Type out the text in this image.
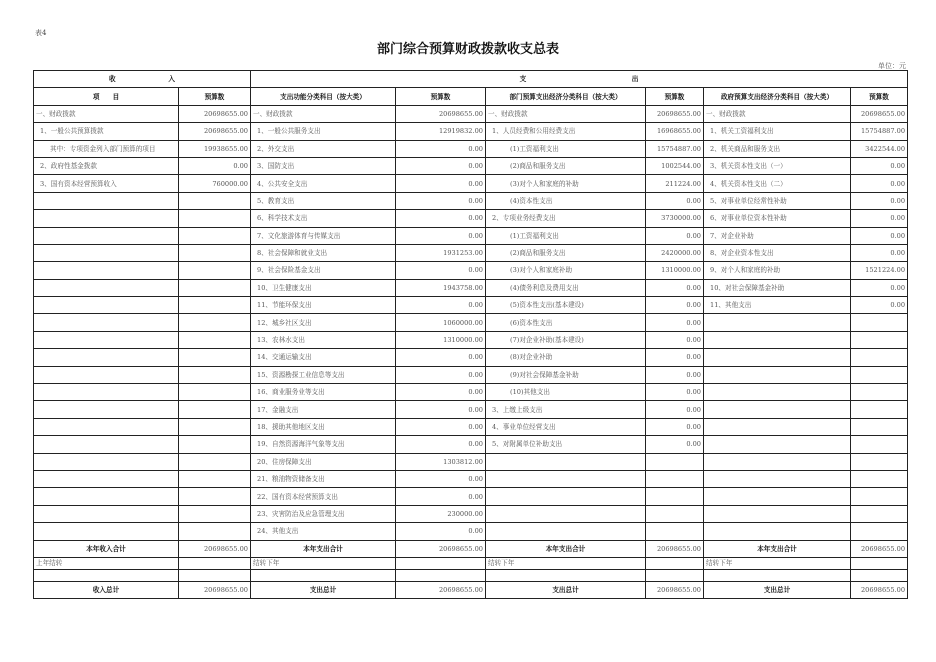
表4
部门综合预算财政拨款收支总表
单位：元
收　　　　　　　　入		支　　　　　　　　　　　　　　　　出					
项　　目	预算数	支出功能分类科目（按大类）	预算数	部门预算支出经济分类科目（按大类）	预算数	政府预算支出经济分类科目（按大类）	预算数
一、财政拨款	20698655.00	一、财政拨款	20698655.00	一、财政拨款	20698655.00	一、财政拨款	20698655.00
1、一般公共预算拨款	20698655.00	1、一般公共服务支出	12919832.00	1、人员经费和公用经费支出	16968655.00	1、机关工资福利支出	15754887.00
其中：专项资金列入部门预算的项目	19938655.00	2、外交支出	0.00	(1)工资福利支出	15754887.00	2、机关商品和服务支出	3422544.00
2、政府性基金拨款	0.00	3、国防支出	0.00	(2)商品和服务支出	1002544.00	3、机关资本性支出（一）	0.00
3、国有资本经营预算收入	760000.00	4、公共安全支出	0.00	(3)对个人和家庭的补助	211224.00	4、机关资本性支出（二）	0.00
		5、教育支出	0.00	(4)资本性支出	0.00	5、对事业单位经常性补助	0.00
		6、科学技术支出	0.00	2、专项业务经费支出	3730000.00	6、对事业单位资本性补助	0.00
		7、文化旅游体育与传媒支出	0.00	(1)工资福利支出	0.00	7、对企业补助	0.00
		8、社会保障和就业支出	1931253.00	(2)商品和服务支出	2420000.00	8、对企业资本性支出	0.00
		9、社会保险基金支出	0.00	(3)对个人和家庭补助	1310000.00	9、对个人和家庭的补助	1521224.00
		10、卫生健康支出	1943758.00	(4)债务利息及费用支出	0.00	10、对社会保障基金补助	0.00
		11、节能环保支出	0.00	(5)资本性支出(基本建设)	0.00	11、其他支出	0.00
		12、城乡社区支出	1060000.00	(6)资本性支出	0.00		
		13、农林水支出	1310000.00	(7)对企业补助(基本建设)	0.00		
		14、交通运输支出	0.00	(8)对企业补助	0.00		
		15、资源勘探工业信息等支出	0.00	(9)对社会保障基金补助	0.00		
		16、商业服务业等支出	0.00	(10)其他支出	0.00		
		17、金融支出	0.00	3、上缴上级支出	0.00		
		18、援助其他地区支出	0.00	4、事业单位经营支出	0.00		
		19、自然资源海洋气象等支出	0.00	5、对附属单位补助支出	0.00		
		20、住房保障支出	1303812.00				
		21、粮油物资储备支出	0.00				
		22、国有资本经营预算支出	0.00				
		23、灾害防治及应急管理支出	230000.00				
		24、其他支出	0.00				
本年收入合计	20698655.00	本年支出合计	20698655.00	本年支出合计	20698655.00	本年支出合计	20698655.00
上年结转		结转下年		结转下年		结转下年	

收入总计	20698655.00	支出总计	20698655.00	支出总计	20698655.00	支出总计	20698655.00
